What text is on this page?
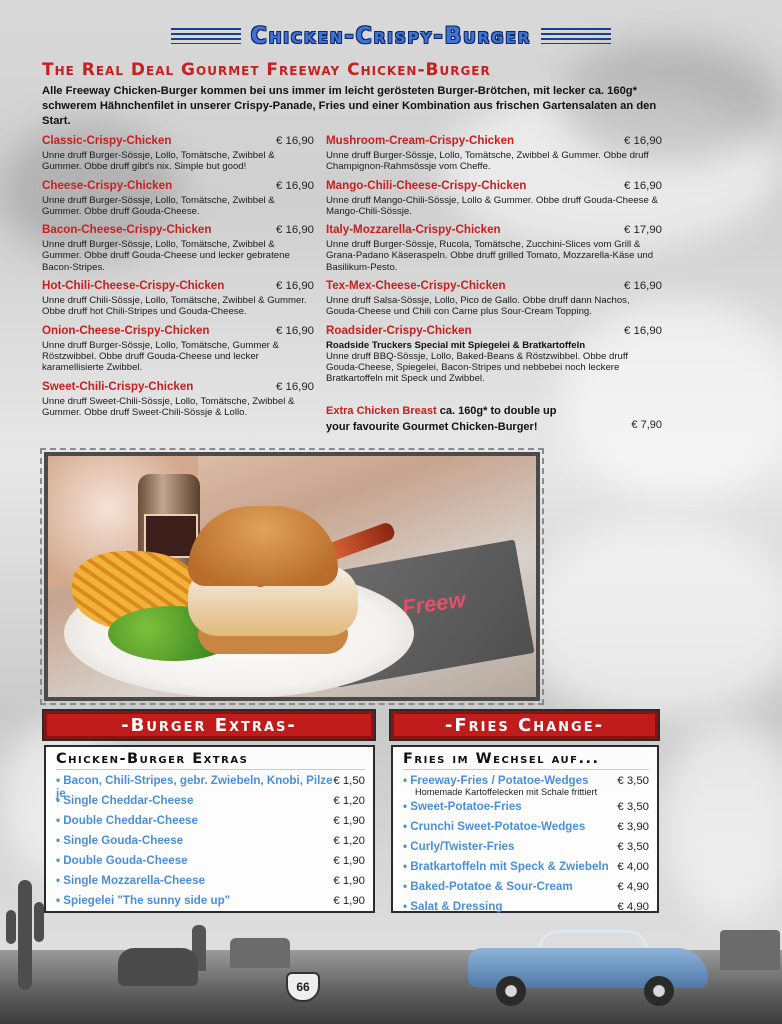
Chicken-Crispy-Burger
The Real Deal Gourmet Freeway Chicken-Burger

Alle Freeway Chicken-Burger kommen bei uns immer im leicht gerösteten Burger-Brötchen, mit lecker ca. 160g* schwerem Hähnchenfilet in unserer Crispy-Panade, Fries und einer Kombination aus frischen Gartensalaten an den Start.

Classic-Crispy-Chicken	€ 16,90
Unne druff Burger-Sössje, Lollo, Tomätsche, Zwibbel & Gummer. Obbe druff gibt's nix. Simple but good!
Cheese-Crispy-Chicken	€ 16,90
Unne druff Burger-Sössje, Lollo, Tomätsche, Zwibbel & Gummer. Obbe druff Gouda-Cheese.
Bacon-Cheese-Crispy-Chicken	€ 16,90
Unne druff Burger-Sössje, Lollo, Tomätsche, Zwibbel & Gummer. Obbe druff Gouda-Cheese und lecker gebratene Bacon-Stripes.
Hot-Chili-Cheese-Crispy-Chicken	€ 16,90
Unne druff Chili-Sössje, Lollo, Tomätsche, Zwibbel & Gummer. Obbe druff hot Chili-Stripes und Gouda-Cheese.
Onion-Cheese-Crispy-Chicken	€ 16,90
Unne druff Burger-Sössje, Lollo, Tomätsche, Gummer & Röstzwibbel. Obbe druff Gouda-Cheese und lecker karamellisierte Zwibbel.
Sweet-Chili-Crispy-Chicken	€ 16,90
Unne druff Sweet-Chili-Sössje, Lollo, Tomätsche, Zwibbel & Gummer. Obbe druff Sweet-Chili-Sössje & Lollo.
Mushroom-Cream-Crispy-Chicken	€ 16,90
Unne druff Burger-Sössje, Lollo, Tomätsche, Zwibbel & Gummer. Obbe druff Champignon-Rahmsössje vom Cheffe.
Mango-Chili-Cheese-Crispy-Chicken	€ 16,90
Unne druff Mango-Chili-Sössje, Lollo & Gummer. Obbe druff Gouda-Cheese & Mango-Chili-Sössje.
Italy-Mozzarella-Crispy-Chicken	€ 17,90
Unne druff Burger-Sössje, Rucola, Tomätsche, Zucchini-Slices vom Grill & Grana-Padano Käseraspeln. Obbe druff grilled Tomato, Mozzarella-Käse und Basilikum-Pesto.
Tex-Mex-Cheese-Crispy-Chicken	€ 16,90
Unne druff Salsa-Sössje, Lollo, Pico de Gallo. Obbe druff dann Nachos, Gouda-Cheese und Chili con Carne plus Sour-Cream Topping.
Roadsider-Crispy-Chicken	€ 16,90
Roadside Truckers Special mit Spiegelei & Bratkartoffeln
Unne druff BBQ-Sössje, Lollo, Baked-Beans & Röstzwibbel. Obbe druff Gouda-Cheese, Spiegelei, Bacon-Stripes und nebbebei noch leckere Bratkartoffeln mit Speck und Zwibbel.
Extra Chicken Breast ca. 160g* to double up
your favourite Gourmet Chicken-Burger!	€ 7,90
Freew
-Burger Extras-	-Fries Change-
Chicken-Burger Extras
• Bacon, Chili-Stripes, gebr. Zwiebeln, Knobi, Pilze je
€ 1,50
• Single Cheddar-Cheese	€ 1,20
• Double Cheddar-Cheese	€ 1,90
• Single Gouda-Cheese	€ 1,20
• Double Gouda-Cheese	€ 1,90
• Single Mozzarella-Cheese	€ 1,90
• Spiegelei "The sunny side up"	€ 1,90
Fries im Wechsel auf...
• Freeway-Fries / Potatoe-Wedges	€ 3,50
Homemade Kartoffelecken mit Schale frittiert
• Sweet-Potatoe-Fries	€ 3,50
• Crunchi Sweet-Potatoe-Wedges	€ 3,90
• Curly/Twister-Fries	€ 3,50
• Bratkartoffeln mit Speck & Zwiebeln € 4,00
• Baked-Potatoe & Sour-Cream	€ 4,90
• Salat & Dressing	€ 4,90
66
